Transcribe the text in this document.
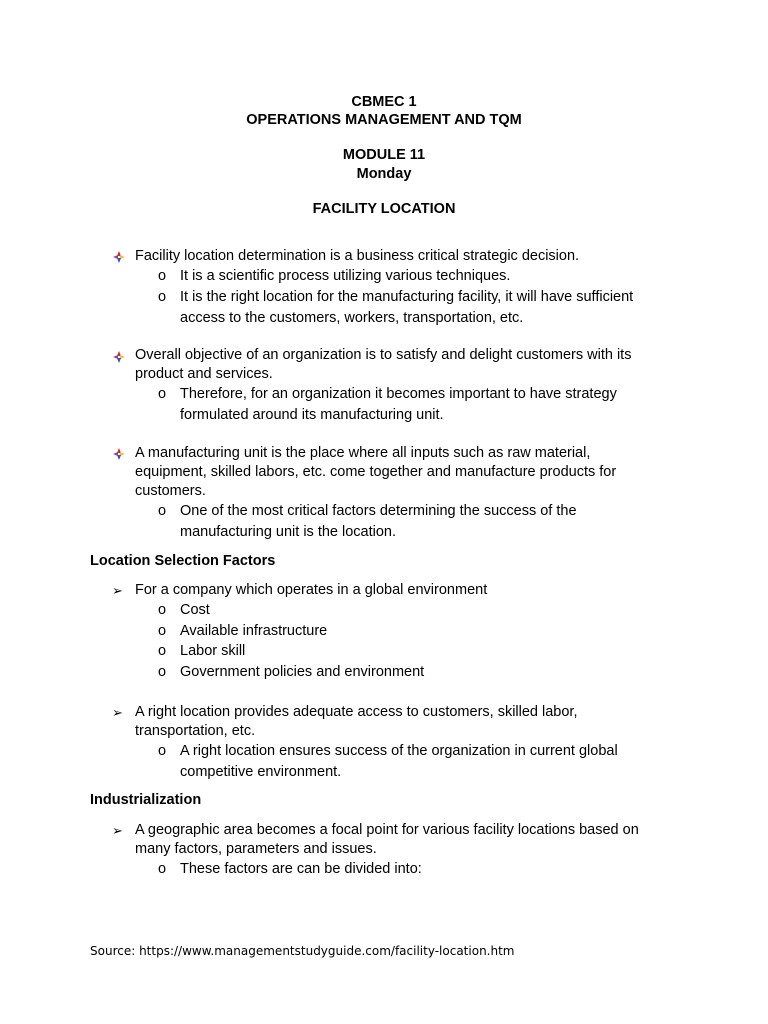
CBMEC 1
OPERATIONS MANAGEMENT AND TQM
MODULE 11
Monday
FACILITY LOCATION
Facility location determination is a business critical strategic decision.
o It is a scientific process utilizing various techniques.
o It is the right location for the manufacturing facility, it will have sufficient
access to the customers, workers, transportation, etc.
Overall objective of an organization is to satisfy and delight customers with its
product and services.
o Therefore, for an organization it becomes important to have strategy
formulated around its manufacturing unit.
A manufacturing unit is the place where all inputs such as raw material,
equipment, skilled labors, etc. come together and manufacture products for
customers.
o One of the most critical factors determining the success of the
manufacturing unit is the location.
Location Selection Factors
➢ For a company which operates in a global environment
o Cost
o Available infrastructure
o Labor skill
o Government policies and environment
➢ A right location provides adequate access to customers, skilled labor,
transportation, etc.
o A right location ensures success of the organization in current global
competitive environment.
Industrialization
➢ A geographic area becomes a focal point for various facility locations based on
many factors, parameters and issues.
o These factors are can be divided into:
Source: https://www.managementstudyguide.com/facility-location.htm
